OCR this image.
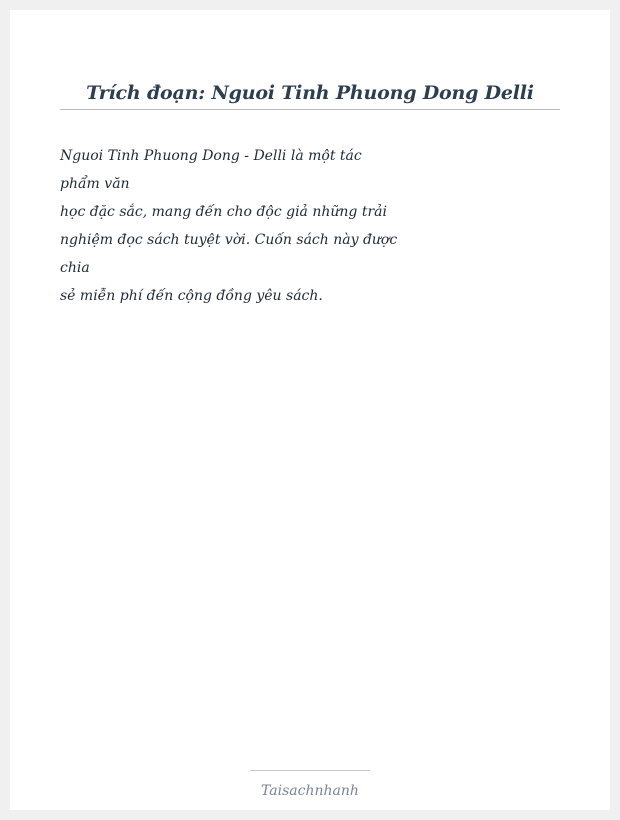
Trích đoạn: Nguoi Tinh Phuong Dong Delli
Nguoi Tinh Phuong Dong - Delli là một tác
phẩm văn
học đặc sắc, mang đến cho độc giả những trải
nghiệm đọc sách tuyệt vời. Cuốn sách này được
chia
sẻ miễn phí đến cộng đồng yêu sách.
Taisachnhanh
